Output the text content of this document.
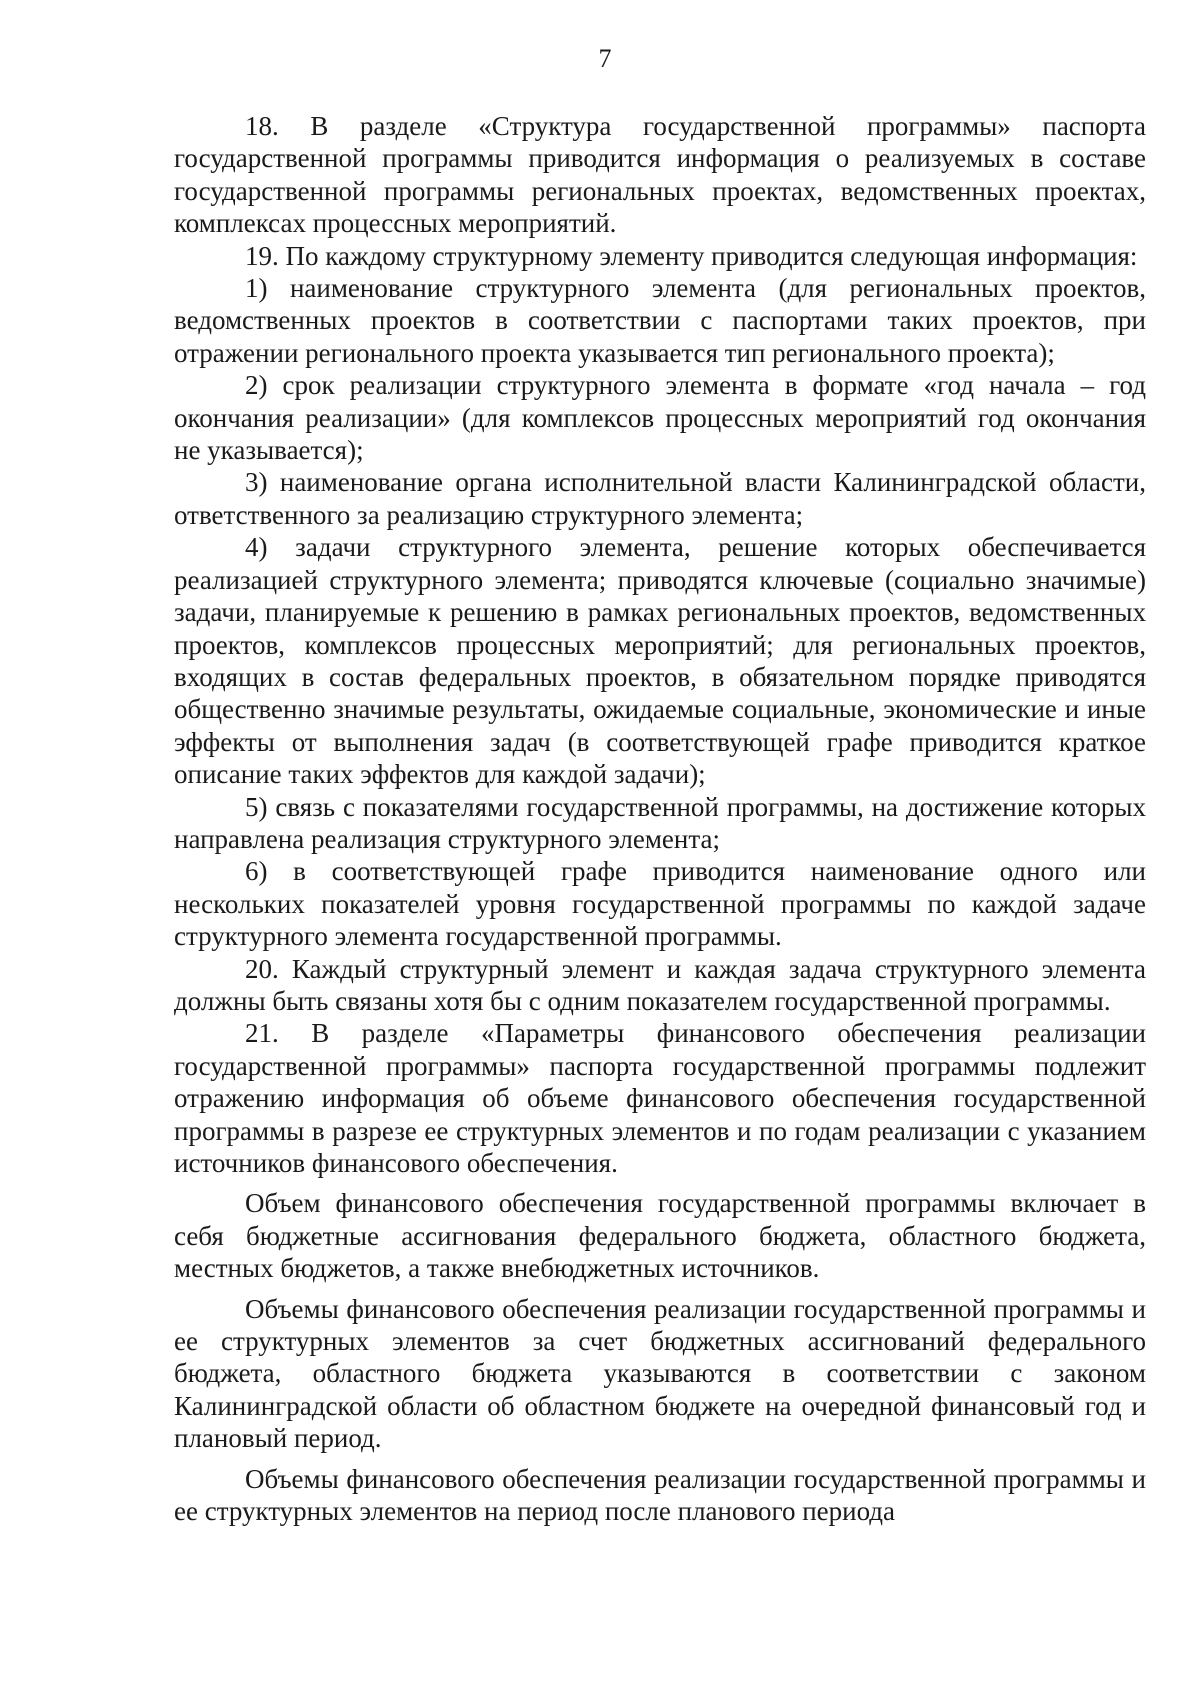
7

18. В разделе «Структура государственной программы» паспорта государственной программы приводится информация о реализуемых в составе государственной программы региональных проектах, ведомственных проектах, комплексах процессных мероприятий.

19. По каждому структурному элементу приводится следующая информация:

1) наименование структурного элемента (для региональных проектов, ведомственных проектов в соответствии с паспортами таких проектов, при отражении регионального проекта указывается тип регионального проекта);

2) срок реализации структурного элемента в формате «год начала – год окончания реализации» (для комплексов процессных мероприятий год окончания не указывается);

3) наименование органа исполнительной власти Калининградской области, ответственного за реализацию структурного элемента;

4) задачи структурного элемента, решение которых обеспечивается реализацией структурного элемента; приводятся ключевые (социально значимые) задачи, планируемые к решению в рамках региональных проектов, ведомственных проектов, комплексов процессных мероприятий; для региональных проектов, входящих в состав федеральных проектов, в обязательном порядке приводятся общественно значимые результаты, ожидаемые социальные, экономические и иные эффекты от выполнения задач (в соответствующей графе приводится краткое описание таких эффектов для каждой задачи);

5) связь с показателями государственной программы, на достижение которых направлена реализация структурного элемента;

6) в соответствующей графе приводится наименование одного или нескольких показателей уровня государственной программы по каждой задаче структурного элемента государственной программы.

20. Каждый структурный элемент и каждая задача структурного элемента должны быть связаны хотя бы с одним показателем государственной программы.

21. В разделе «Параметры финансового обеспечения реализации государственной программы» паспорта государственной программы подлежит отражению информация об объеме финансового обеспечения государственной программы в разрезе ее структурных элементов и по годам реализации с указанием источников финансового обеспечения.

Объем финансового обеспечения государственной программы включает в себя бюджетные ассигнования федерального бюджета, областного бюджета, местных бюджетов, а также внебюджетных источников.

Объемы финансового обеспечения реализации государственной программы и ее структурных элементов за счет бюджетных ассигнований федерального бюджета, областного бюджета указываются в соответствии с законом Калининградской области об областном бюджете на очередной финансовый год и плановый период.

Объемы финансового обеспечения реализации государственной программы и ее структурных элементов на период после планового периода
